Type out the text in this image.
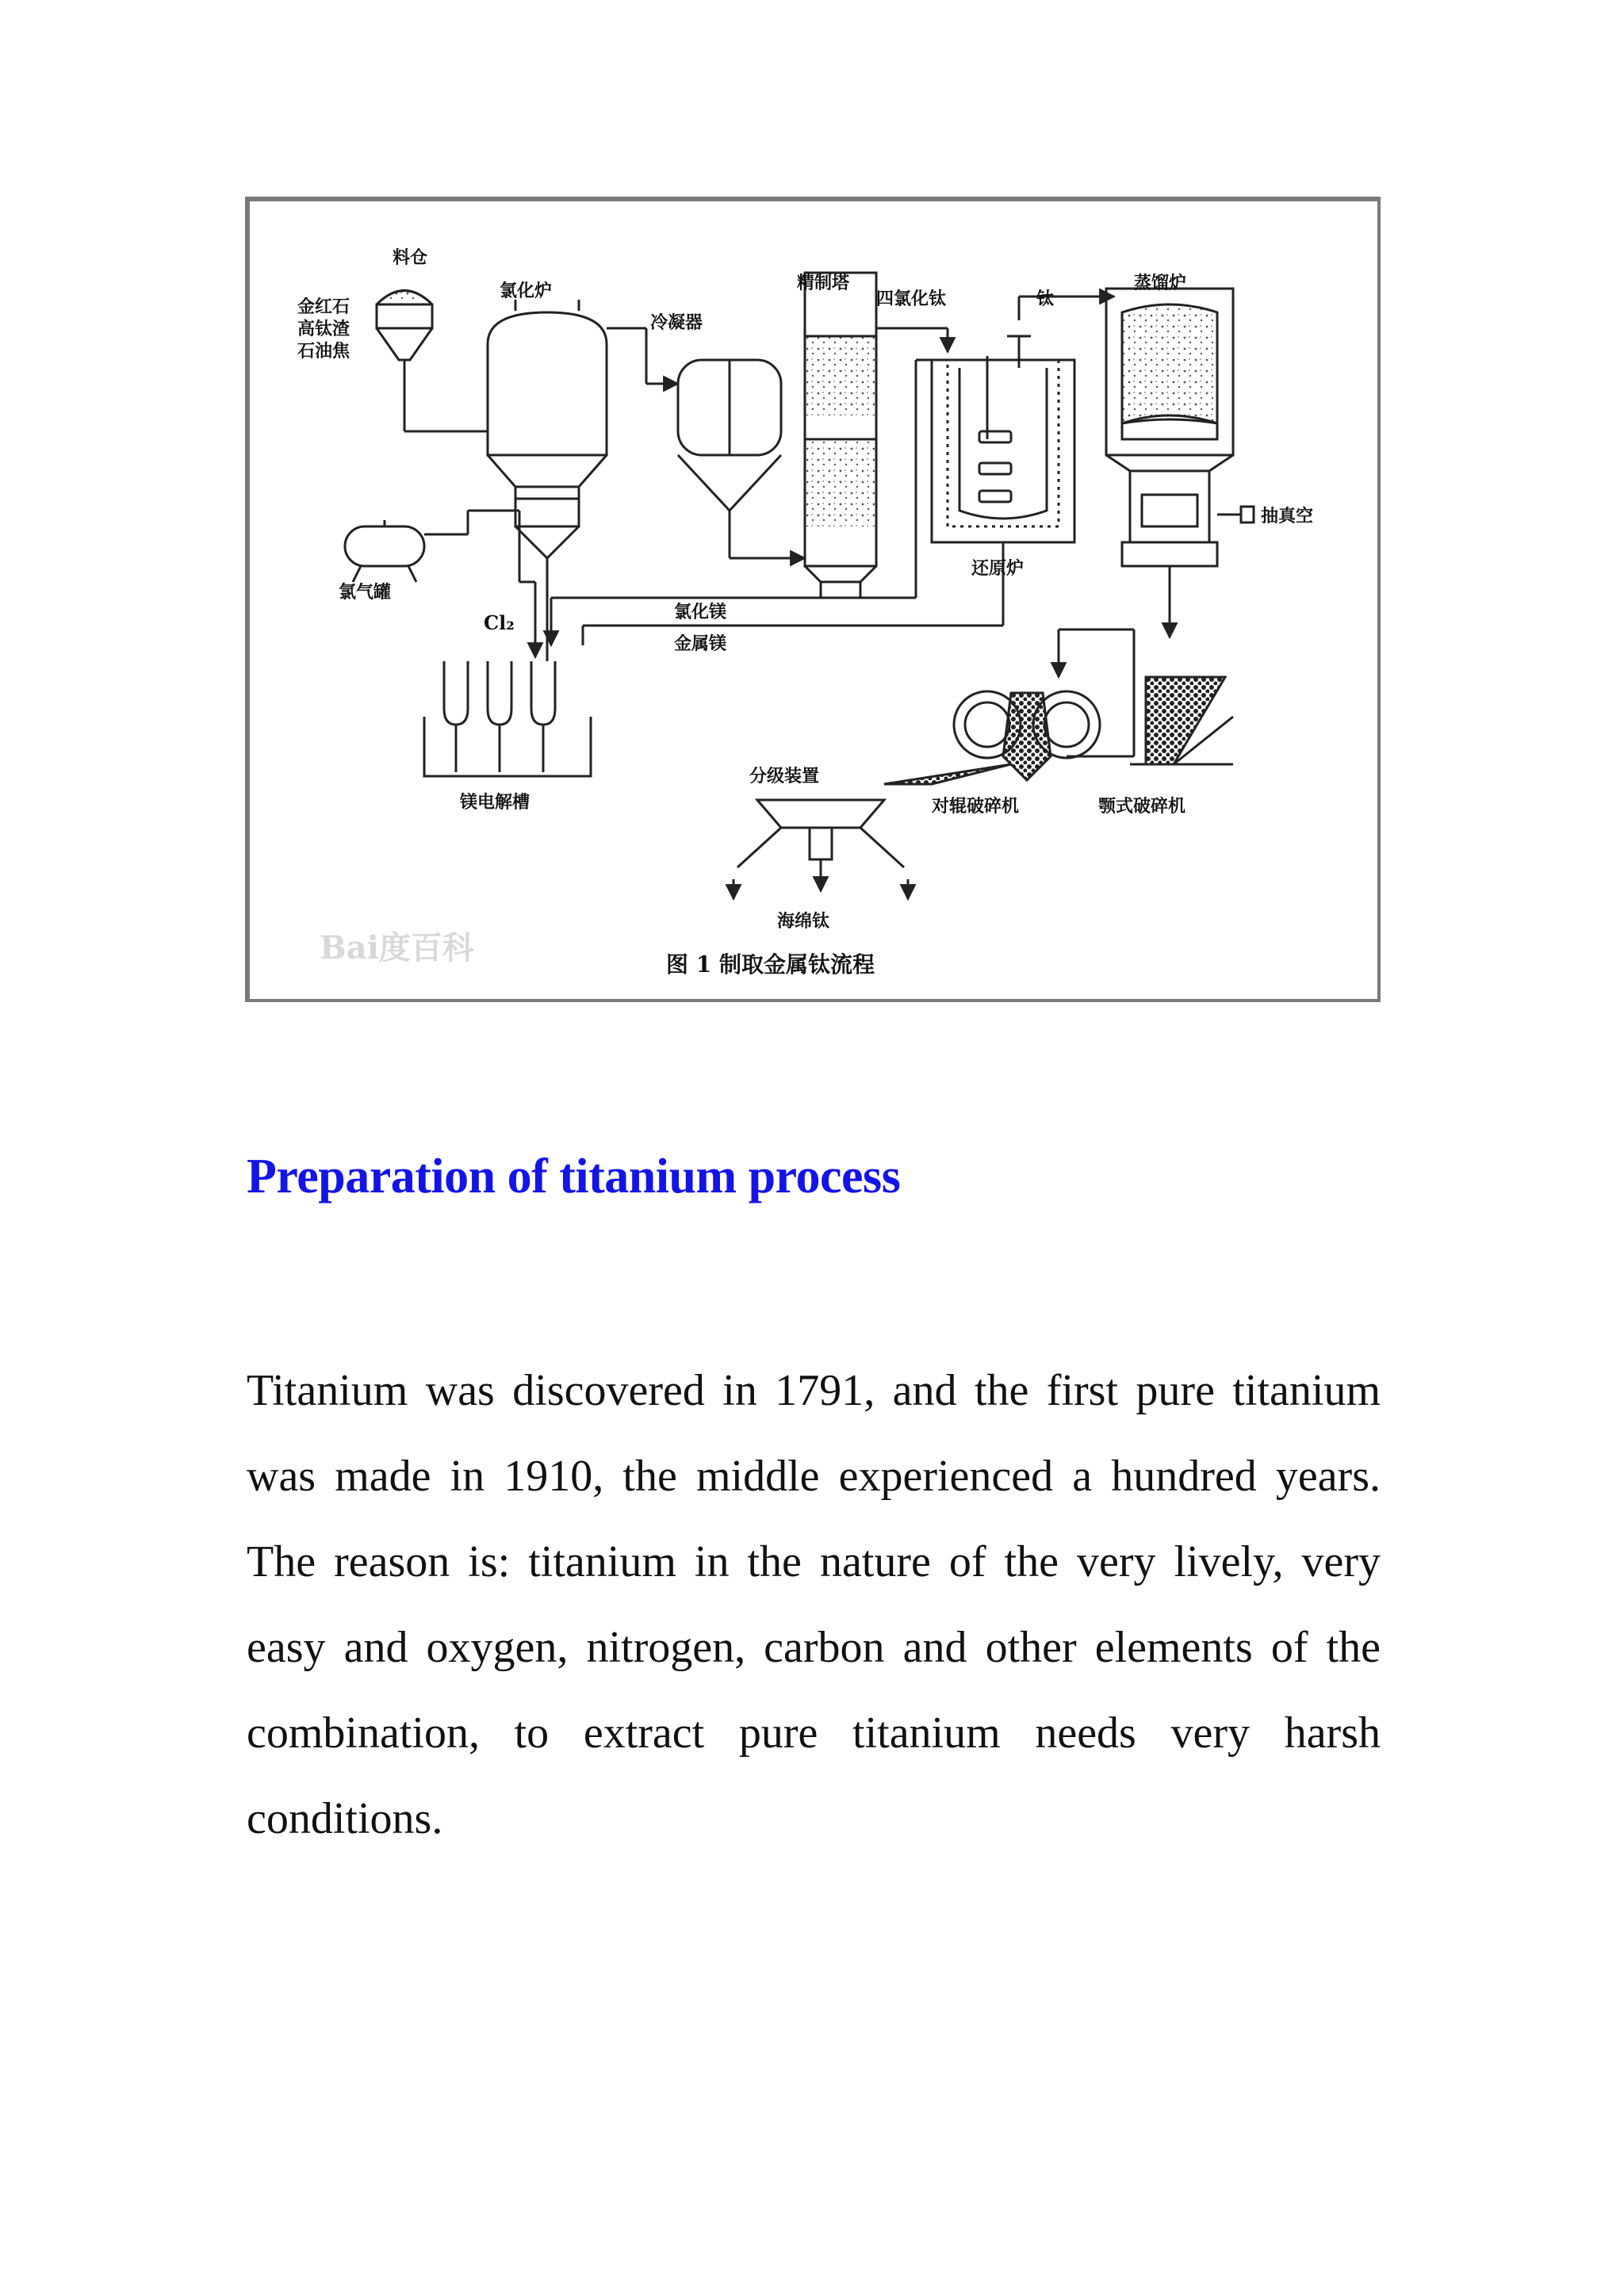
料仓
金红石
高钛渣
石油焦
氯化炉
冷凝器
精制塔
四氯化钛	钛
蒸馏炉
抽真空
氯气罐
Cl₂	氯化镁
金属镁
还原炉
镁电解槽
分级装置
对辊破碎机	颚式破碎机
海绵钛
Bai度百科	图 1 制取金属钛流程
Preparation of titanium process

Titanium was discovered in 1791, and the first pure titanium was made in 1910, the middle experienced a hundred years. The reason is: titanium in the nature of the very lively, very easy and oxygen, nitrogen, carbon and other elements of the combination, to extract pure titanium needs very harsh conditions.
